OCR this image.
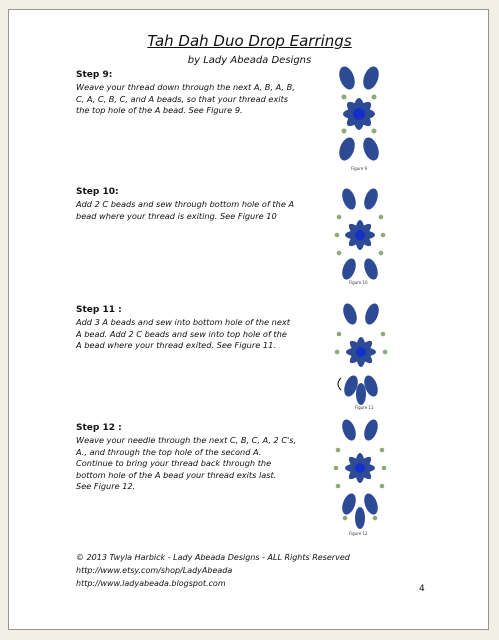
Tah Dah Duo Drop Earrings
by Lady Abeada Designs
Step 9:
Weave your thread down through the next A, B, A, B,
C, A, C, B, C, and A beads, so that your thread exits
the top hole of the A bead. See Figure 9.
Figure 9
Step 10:
Add 2 C beads and sew through bottom hole of the A
bead where your thread is exiting. See Figure 10
Figure 10
Step 11 :
Add 3 A beads and sew into bottom hole of the next
A bead. Add 2 C beads and sew into top hole of the
A bead where your thread exited. See Figure 11.
Figure 11
Step 12 :
Weave your needle through the next C, B, C, A, 2 C's,
A., and through the top hole of the second A.
Continue to bring your thread back through the
bottom hole of the A bead your thread exits last.
See Figure 12.
Figure 12
© 2013 Twyla Harbick - Lady Abeada Designs - ALL Rights Reserved
http://www.etsy.com/shop/LadyAbeada
http://www.ladyabeada.blogspot.com
4
